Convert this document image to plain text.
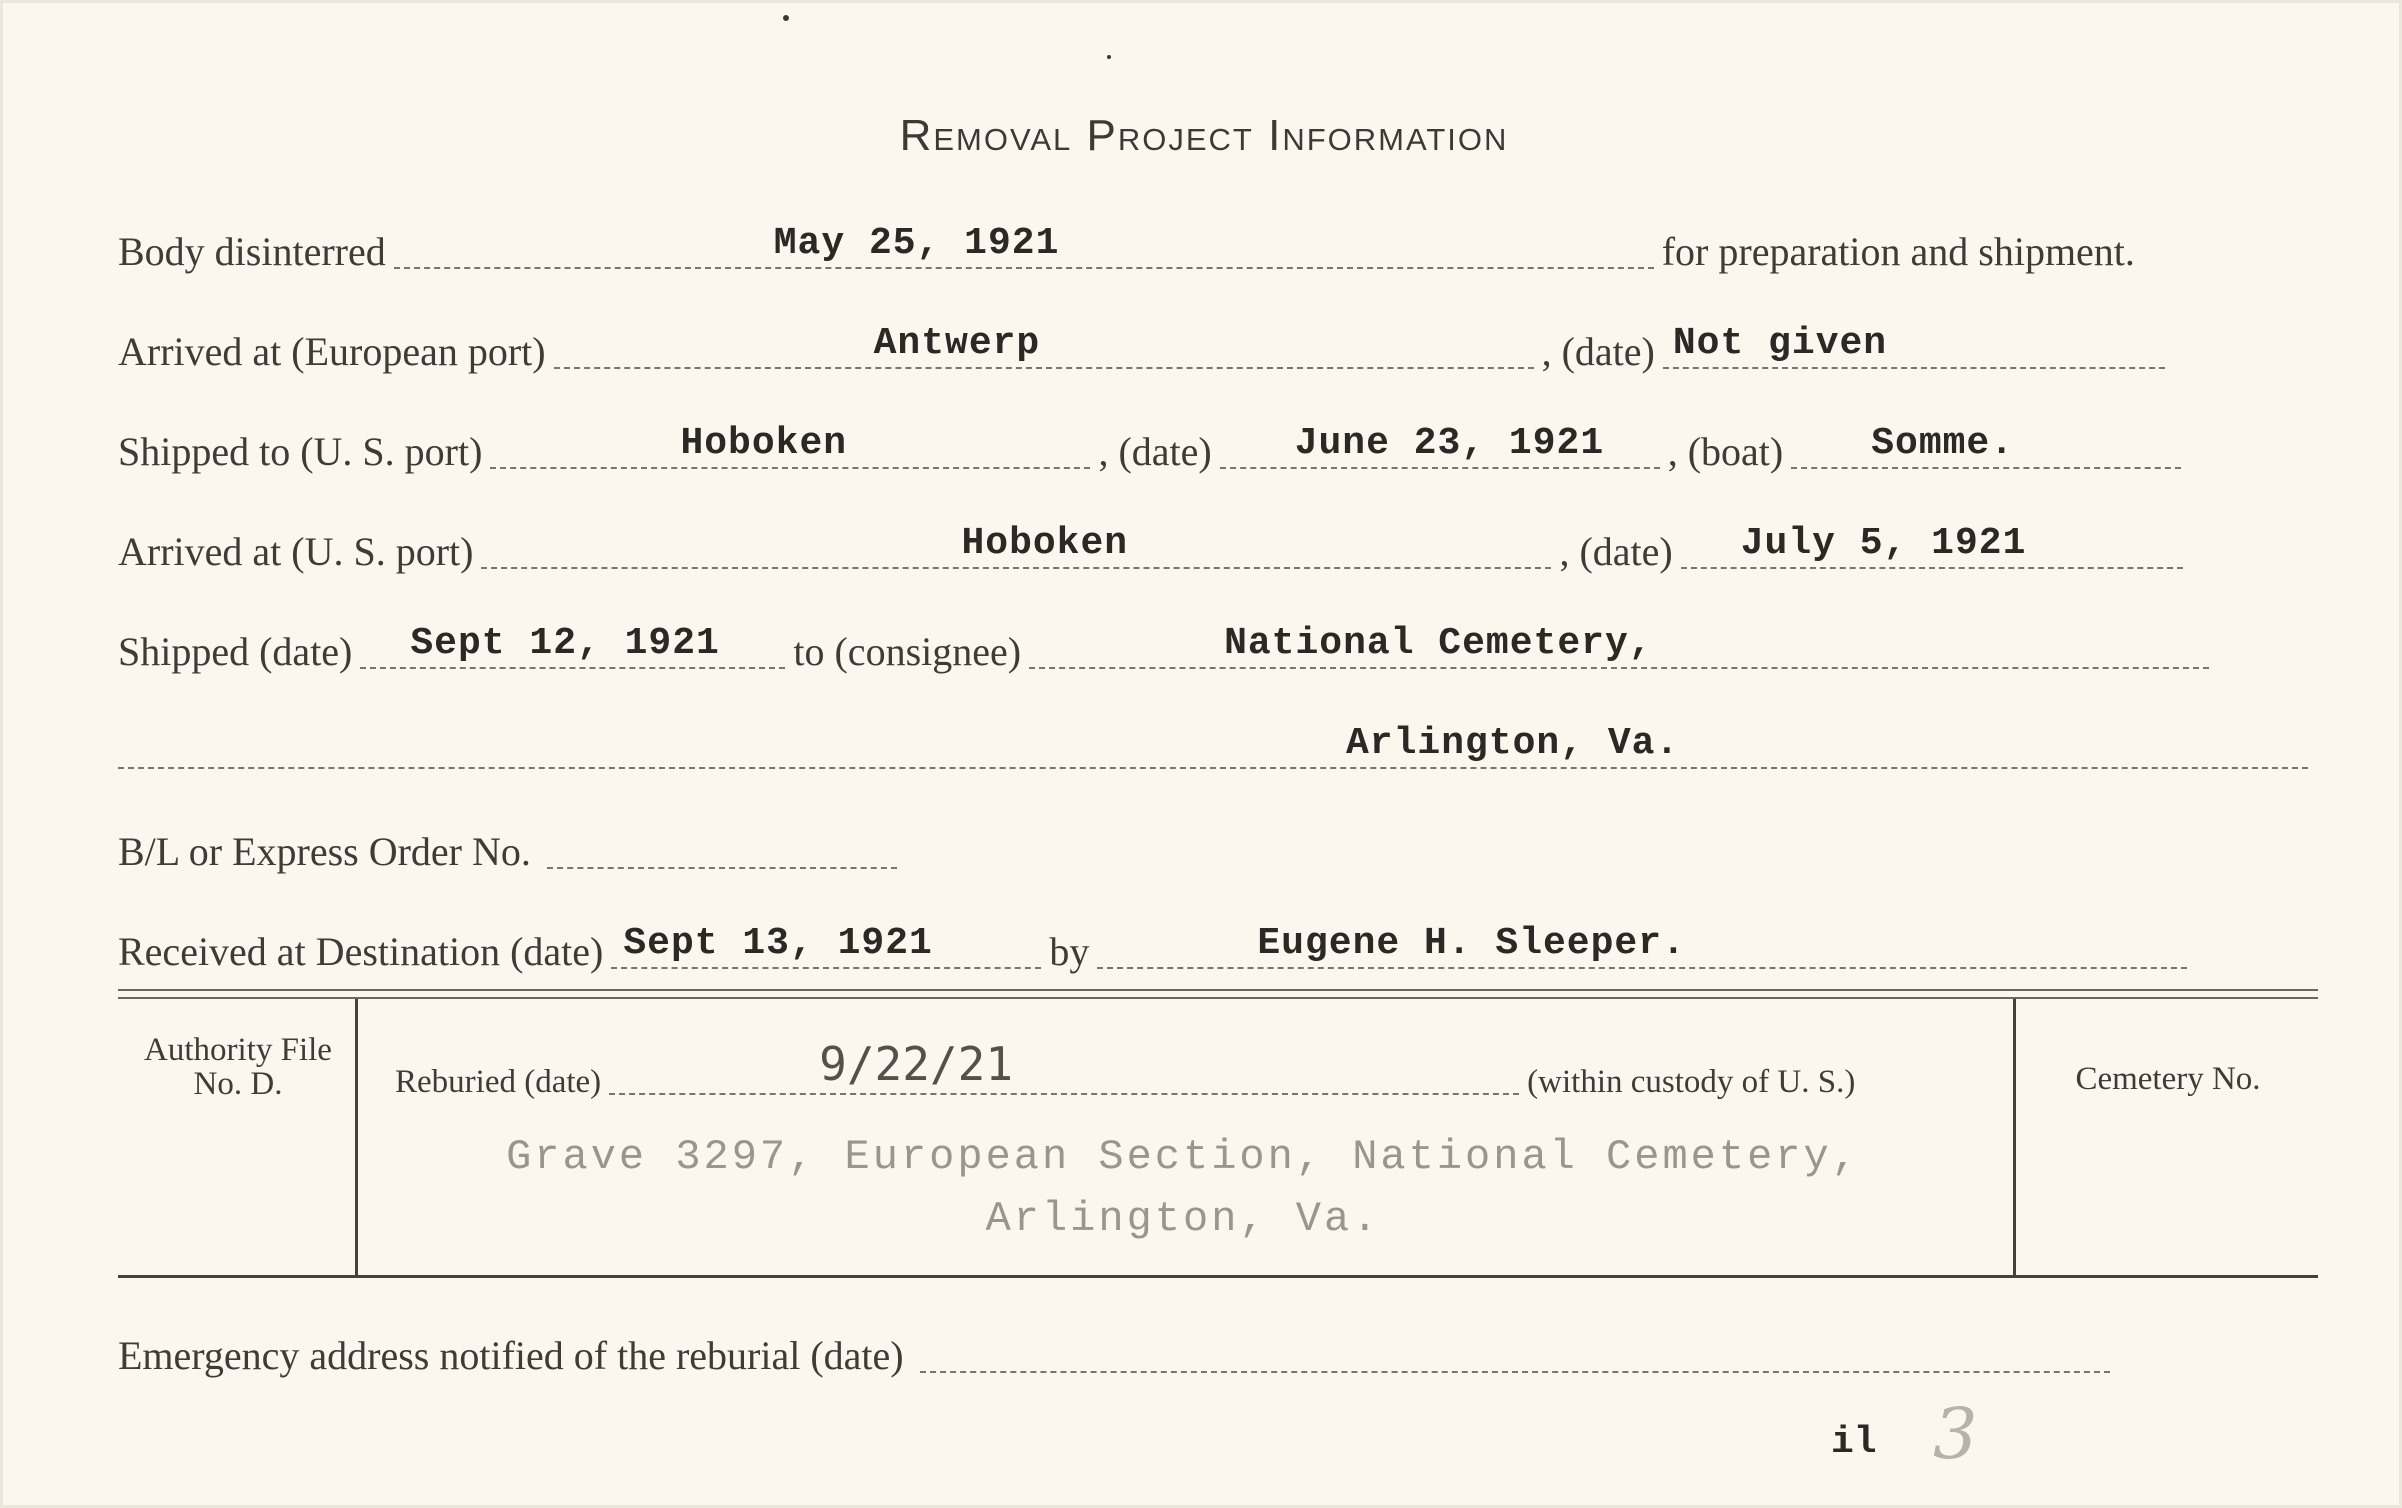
Removal Project Information
Body disinterred	May 25, 1921	for preparation and shipment.
Arrived at (European port)	Antwerp	, (date) Not given
Shipped to (U. S. port)	Hoboken	, (date) June 23, 1921 , (boat) Somme.
Arrived at (U. S. port)	Hoboken	, (date) July 5, 1921
Shipped (date) Sept 12, 1921 to (consignee)	National Cemetery,
Arlington, Va.
B/L or Express Order No.
Received at Destination (date) Sept 13, 1921	by	Eugene H. Sleeper.
Authority File No. D.	Reburied (date)	9/22/21	(within custody of U. S.)	Cemetery No.
Grave 3297, European Section, National Cemetery,
Arlington, Va.
Emergency address notified of the reburial (date)
il 3
